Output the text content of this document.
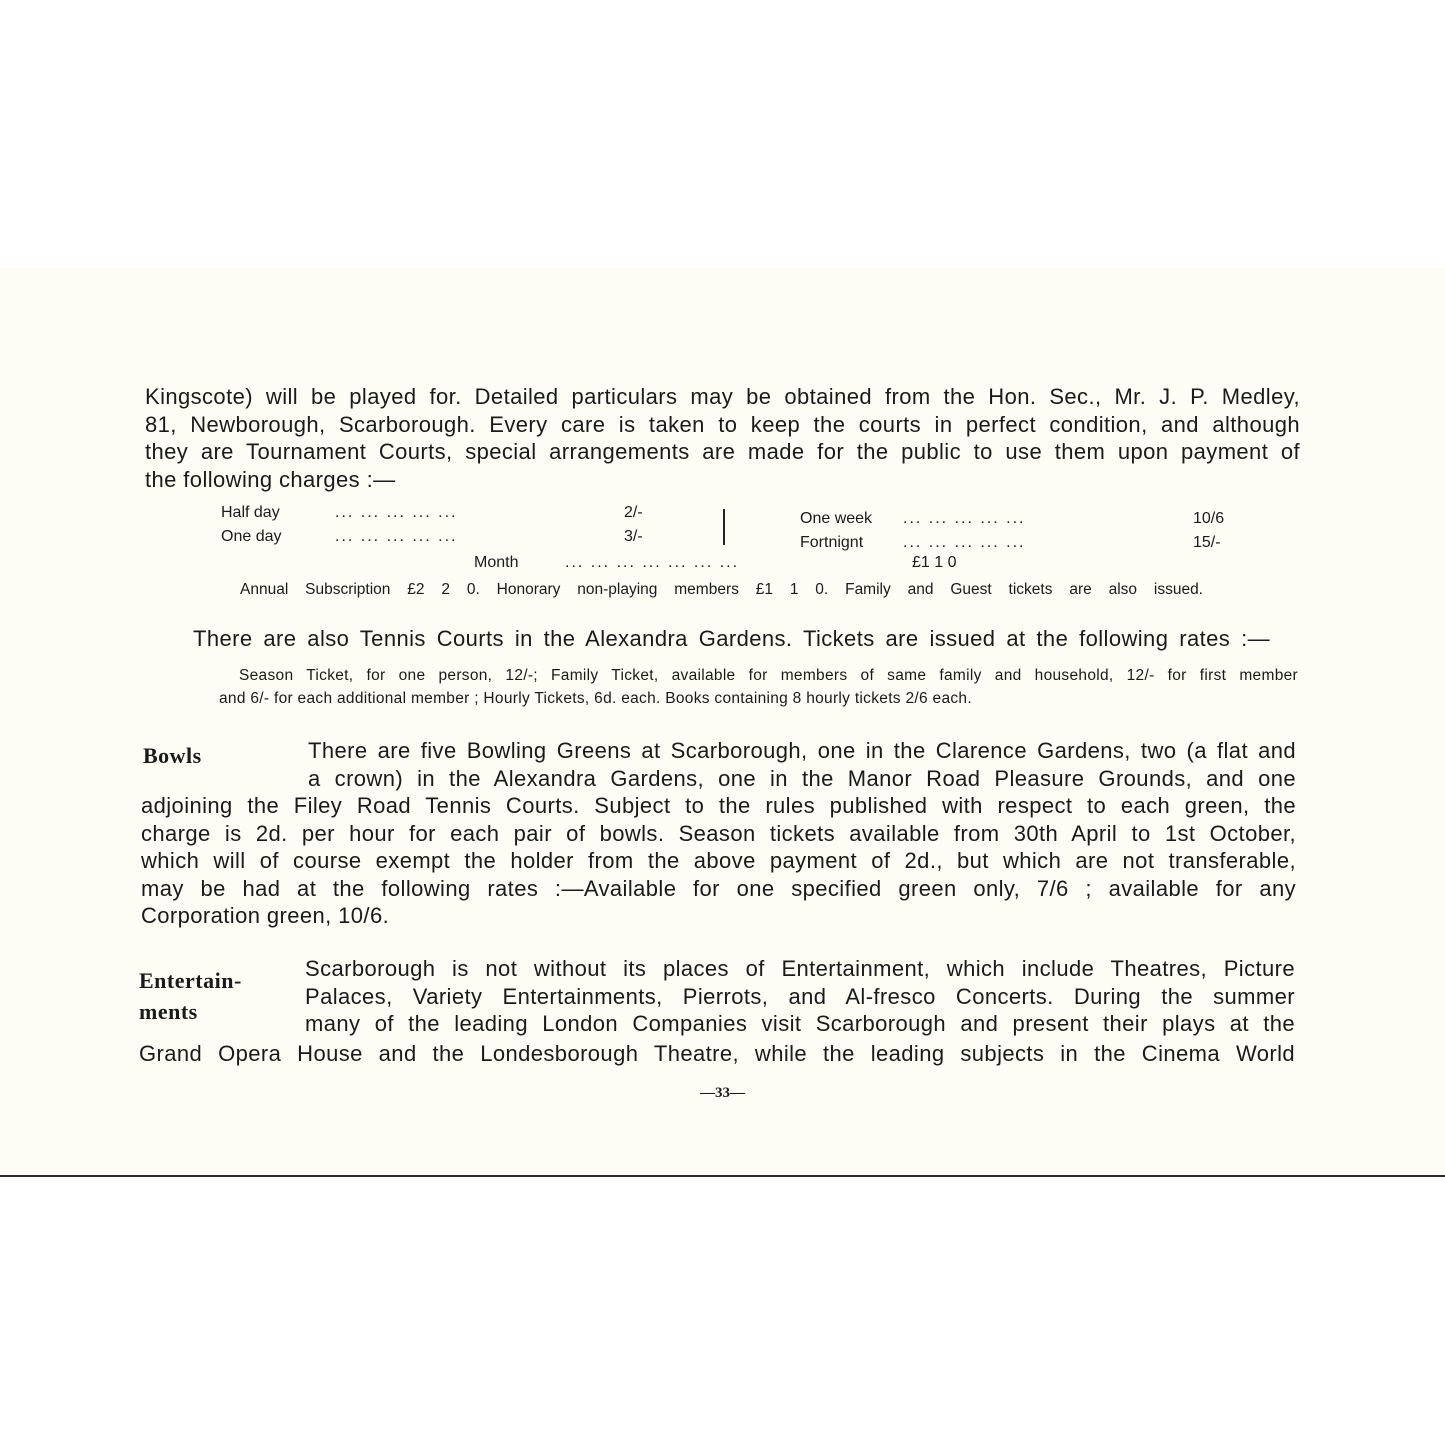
Kingscote) will be played for. Detailed particulars may be obtained from the Hon. Sec., Mr. J. P. Medley,
81, Newborough, Scarborough. Every care is taken to keep the courts in perfect condition, and although
they are Tournament Courts, special arrangements are made for the public to use them upon payment of
the following charges :—
Half day	... ... ... ... ...	2/-
One day	... ... ... ... ...	3/-
One week ... ... ... ... ...	10/6
Fortnignt ... ... ... ... ...	15/-
Month	... ... ... ... ... ... ...	£1 1 0
Annual Subscription £2 2 0. Honorary non-playing members £1 1 0. Family and Guest tickets are also issued.
There are also Tennis Courts in the Alexandra Gardens. Tickets are issued at the following rates :—
Season Ticket, for one person, 12/-; Family Ticket, available for members of same family and household, 12/- for first member
and 6/- for each additional member ; Hourly Tickets, 6d. each. Books containing 8 hourly tickets 2/6 each.
Bowls	There are five Bowling Greens at Scarborough, one in the Clarence Gardens, two (a flat and
a crown) in the Alexandra Gardens, one in the Manor Road Pleasure Grounds, and one
adjoining the Filey Road Tennis Courts. Subject to the rules published with respect to each green, the
charge is 2d. per hour for each pair of bowls. Season tickets available from 30th April to 1st October,
which will of course exempt the holder from the above payment of 2d., but which are not transferable,
may be had at the following rates :—Available for one specified green only, 7/6 ; available for any
Corporation green, 10/6.
Entertain-
ments
Scarborough is not without its places of Entertainment, which include Theatres, Picture
Palaces, Variety Entertainments, Pierrots, and Al-fresco Concerts. During the summer
many of the leading London Companies visit Scarborough and present their plays at the
Grand Opera House and the Londesborough Theatre, while the leading subjects in the Cinema World
—33—
